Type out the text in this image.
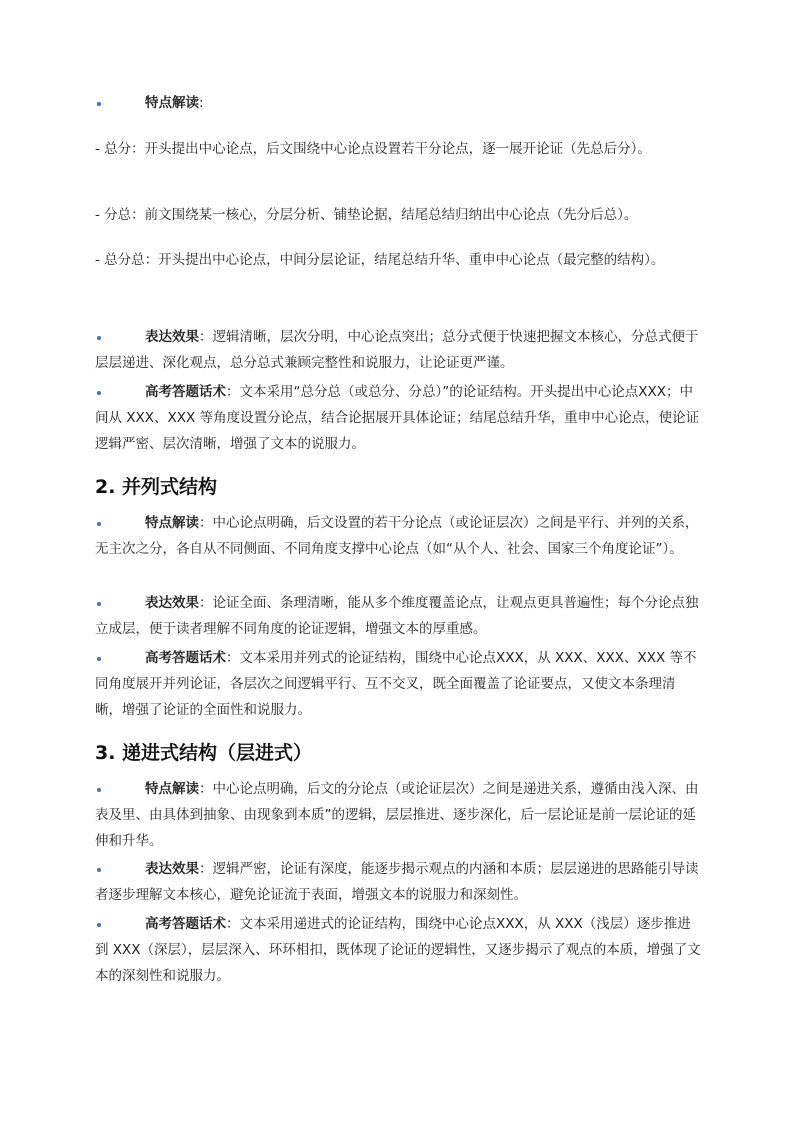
特点解读:

- 总分：开头提出中心论点，后文围绕中心论点设置若干分论点，逐一展开论证（先总后分）。

- 分总：前文围绕某一核心，分层分析、铺垫论据，结尾总结归纳出中心论点（先分后总）。

- 总分总：开头提出中心论点，中间分层论证，结尾总结升华、重申中心论点（最完整的结构）。

表达效果：逻辑清晰，层次分明，中心论点突出；总分式便于快速把握文本核心，分总式便于层层递进、深化观点，总分总式兼顾完整性和说服力，让论证更严谨。

高考答题话术：文本采用“总分总（或总分、分总）”的论证结构。开头提出中心论点XXX；中间从 XXX、XXX 等角度设置分论点，结合论据展开具体论证；结尾总结升华，重申中心论点，使论证逻辑严密、层次清晰，增强了文本的说服力。

2. 并列式结构

特点解读：中心论点明确，后文设置的若干分论点（或论证层次）之间是平行、并列的关系，无主次之分，各自从不同侧面、不同角度支撑中心论点（如“从个人、社会、国家三个角度论证”）。

表达效果：论证全面、条理清晰，能从多个维度覆盖论点，让观点更具普遍性；每个分论点独立成层，便于读者理解不同角度的论证逻辑，增强文本的厚重感。

高考答题话术：文本采用并列式的论证结构，围绕中心论点XXX，从 XXX、XXX、XXX 等不同角度展开并列论证，各层次之间逻辑平行、互不交叉，既全面覆盖了论证要点，又使文本条理清晰，增强了论证的全面性和说服力。

3. 递进式结构（层进式）

特点解读：中心论点明确，后文的分论点（或论证层次）之间是递进关系，遵循由浅入深、由表及里、由具体到抽象、由现象到本质”的逻辑，层层推进、逐步深化，后一层论证是前一层论证的延伸和升华。

表达效果：逻辑严密，论证有深度，能逐步揭示观点的内涵和本质；层层递进的思路能引导读者逐步理解文本核心，避免论证流于表面，增强文本的说服力和深刻性。

高考答题话术：文本采用递进式的论证结构，围绕中心论点XXX，从 XXX（浅层）逐步推进到 XXX（深层），层层深入、环环相扣，既体现了论证的逻辑性，又逐步揭示了观点的本质，增强了文本的深刻性和说服力。
